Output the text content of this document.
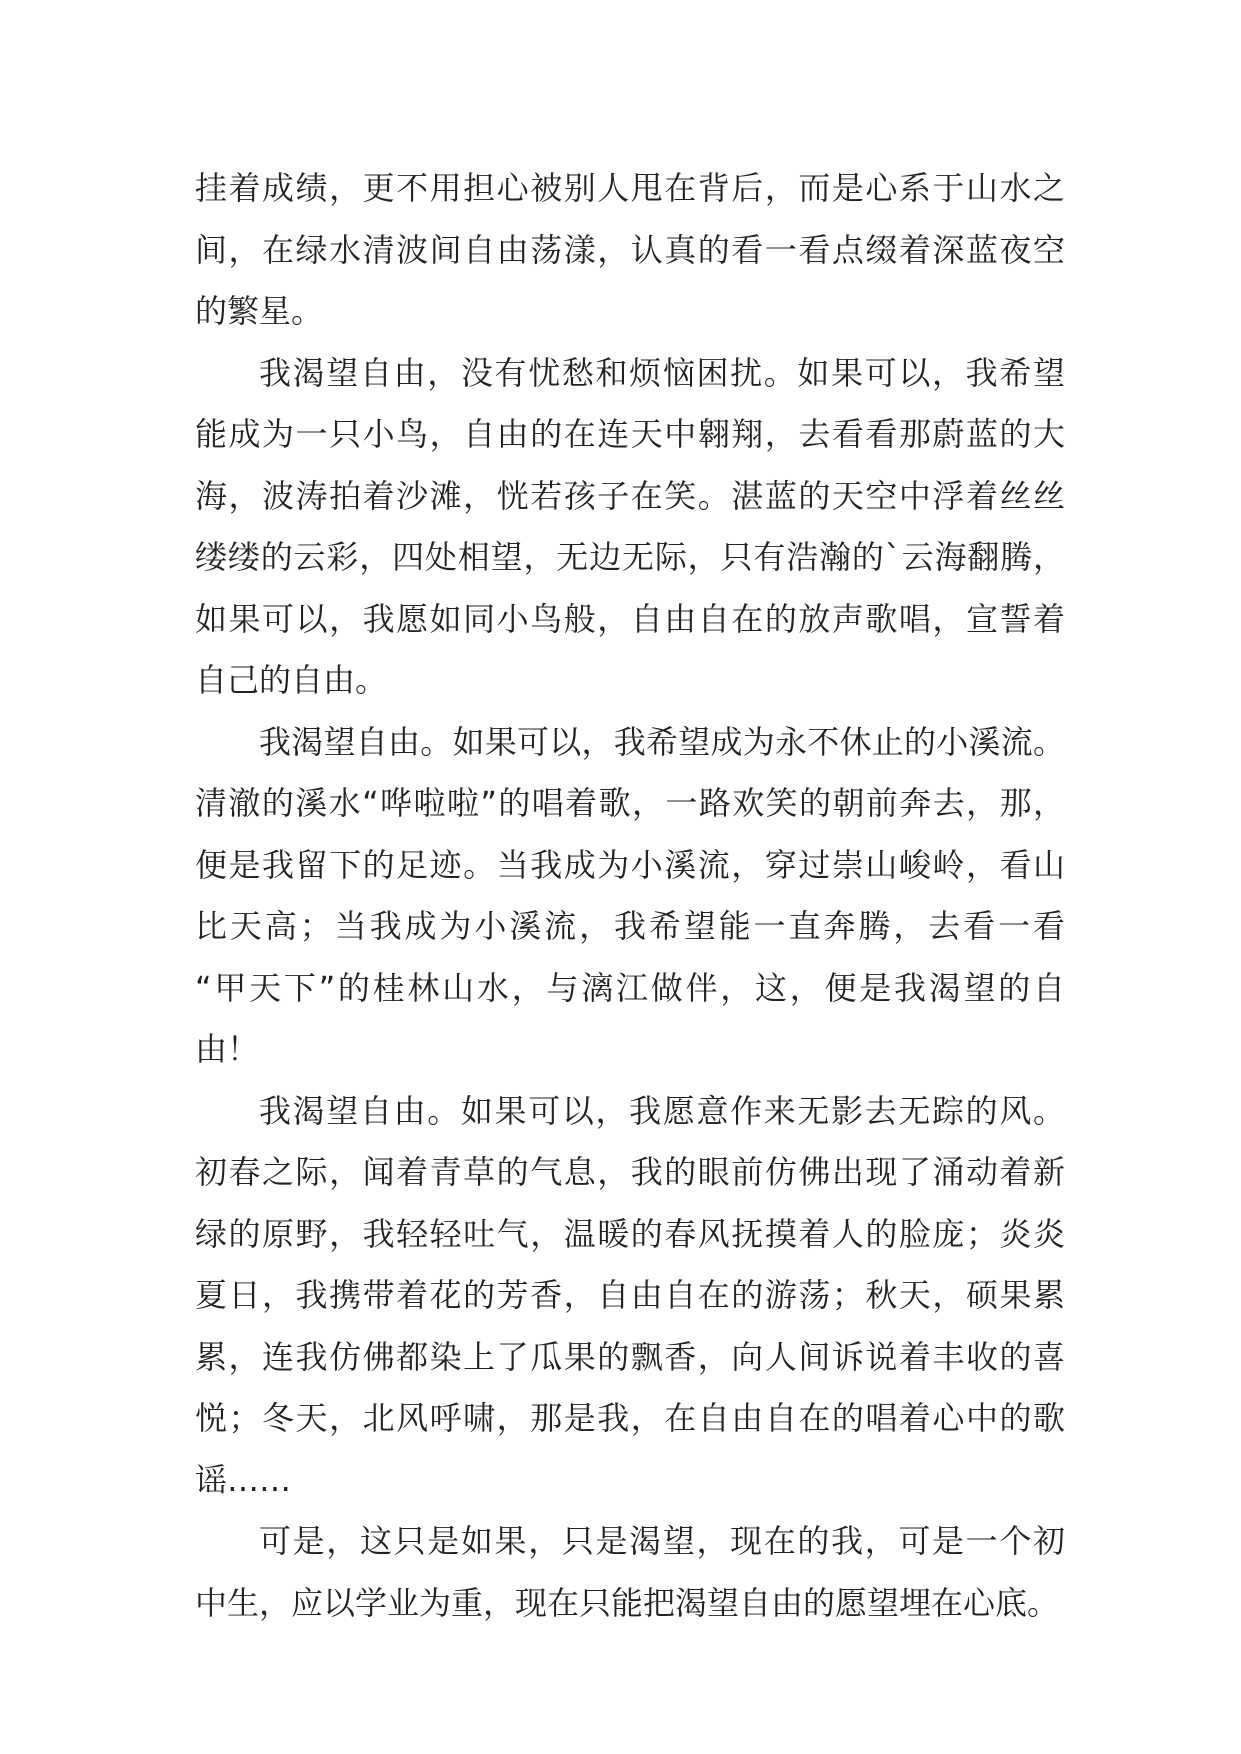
挂着成绩，更不用担心被别人甩在背后，而是心系于山水之
间，在绿水清波间自由荡漾，认真的看一看点缀着深蓝夜空
的繁星。
我渴望自由，没有忧愁和烦恼困扰。如果可以，我希望
能成为一只小鸟，自由的在连天中翱翔，去看看那蔚蓝的大
海，波涛拍着沙滩，恍若孩子在笑。湛蓝的天空中浮着丝丝
缕缕的云彩，四处相望，无边无际，只有浩瀚的`云海翻腾，
如果可以，我愿如同小鸟般，自由自在的放声歌唱，宣誓着
自己的自由。
我渴望自由。如果可以，我希望成为永不休止的小溪流。
清澈的溪水“哗啦啦”的唱着歌，一路欢笑的朝前奔去，那，
便是我留下的足迹。当我成为小溪流，穿过崇山峻岭，看山
比天高；当我成为小溪流，我希望能一直奔腾，去看一看
“甲天下”的桂林山水，与漓江做伴，这，便是我渴望的自
由！
我渴望自由。如果可以，我愿意作来无影去无踪的风。
初春之际，闻着青草的气息，我的眼前仿佛出现了涌动着新
绿的原野，我轻轻吐气，温暖的春风抚摸着人的脸庞；炎炎
夏日，我携带着花的芳香，自由自在的游荡；秋天，硕果累
累，连我仿佛都染上了瓜果的飘香，向人间诉说着丰收的喜
悦；冬天，北风呼啸，那是我，在自由自在的唱着心中的歌
谣……
可是，这只是如果，只是渴望，现在的我，可是一个初
中生，应以学业为重，现在只能把渴望自由的愿望埋在心底。
